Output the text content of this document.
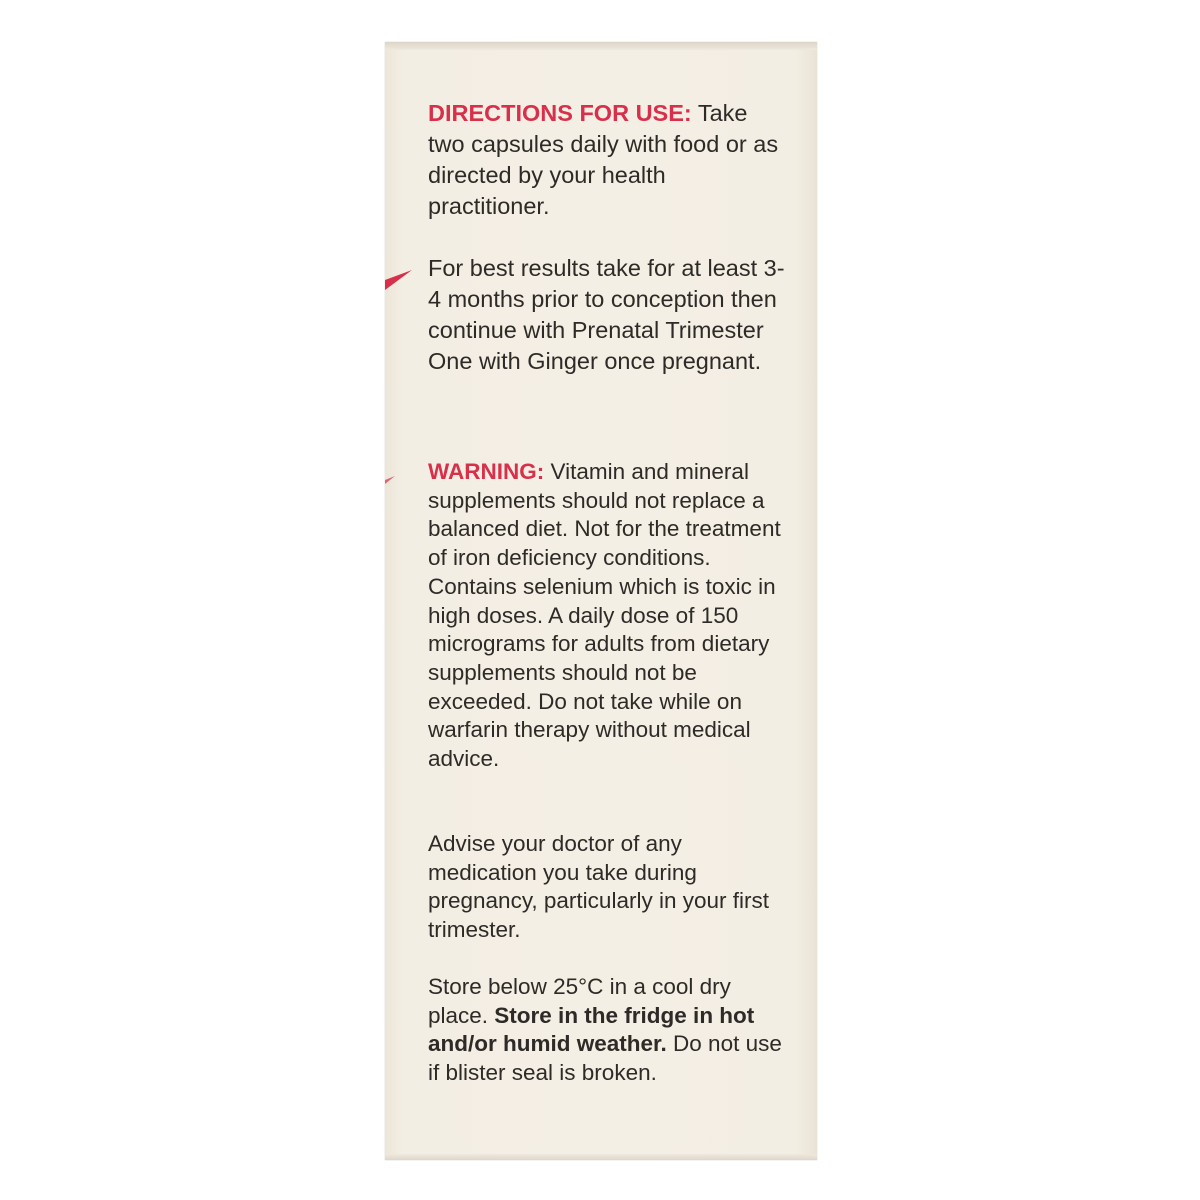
DIRECTIONS FOR USE: Take two capsules daily with food or as directed by your health practitioner.

For best results take for at least 3-4 months prior to conception then continue with Prenatal Trimester One with Ginger once pregnant.

WARNING: Vitamin and mineral supplements should not replace a balanced diet. Not for the treatment of iron deficiency conditions. Contains selenium which is toxic in high doses. A daily dose of 150 micrograms for adults from dietary supplements should not be exceeded. Do not take while on warfarin therapy without medical advice.

Advise your doctor of any medication you take during pregnancy, particularly in your first trimester.

Store below 25°C in a cool dry place. Store in the fridge in hot and/or humid weather. Do not use if blister seal is broken.
